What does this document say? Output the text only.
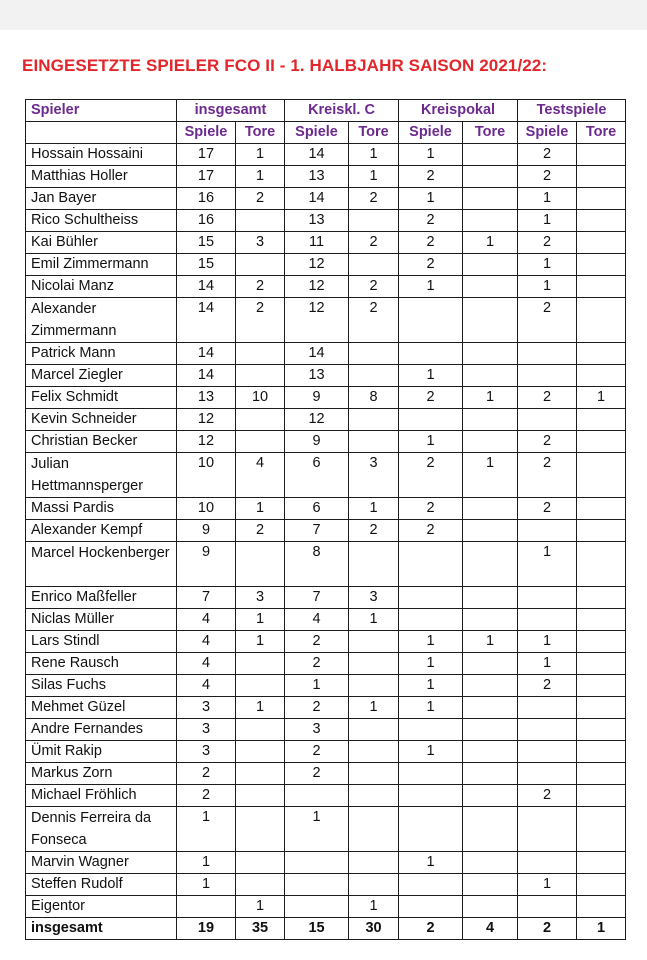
EINGESETZTE SPIELER FCO II - 1. HALBJAHR SAISON 2021/22:
Spieler	insgesamt		Kreiskl. C		Kreispokal		Testspiele	
	Spiele	Tore	Spiele	Tore	Spiele	Tore	Spiele	Tore
Hossain Hossaini	17	1	14	1	1		2	
Matthias Holler	17	1	13	1	2		2	
Jan Bayer	16	2	14	2	1		1	
Rico Schultheiss	16		13		2		1	
Kai Bühler	15	3	11	2	2	1	2	
Emil Zimmermann	15		12		2		1	
Nicolai Manz	14	2	12	2	1		1	
Alexander Zimmermann	14	2	12	2			2	
Patrick Mann	14		14					
Marcel Ziegler	14		13		1			
Felix Schmidt	13	10	9	8	2	1	2	1
Kevin Schneider	12		12					
Christian Becker	12		9		1		2	
Julian Hettmannsperger	10	4	6	3	2	1	2	
Massi Pardis	10	1	6	1	2		2	
Alexander Kempf	9	2	7	2	2			
Marcel Hockenberger	9		8				1	
Enrico Maßfeller	7	3	7	3				
Niclas Müller	4	1	4	1				
Lars Stindl	4	1	2		1	1	1	
Rene Rausch	4		2		1		1	
Silas Fuchs	4		1		1		2	
Mehmet Güzel	3	1	2	1	1			
Andre Fernandes	3		3					
Ümit Rakip	3		2		1			
Markus Zorn	2		2					
Michael Fröhlich	2						2	
Dennis Ferreira da Fonseca	1		1					
Marvin Wagner	1				1			
Steffen Rudolf	1						1	
Eigentor		1		1				
insgesamt	19	35	15	30	2	4	2	1
